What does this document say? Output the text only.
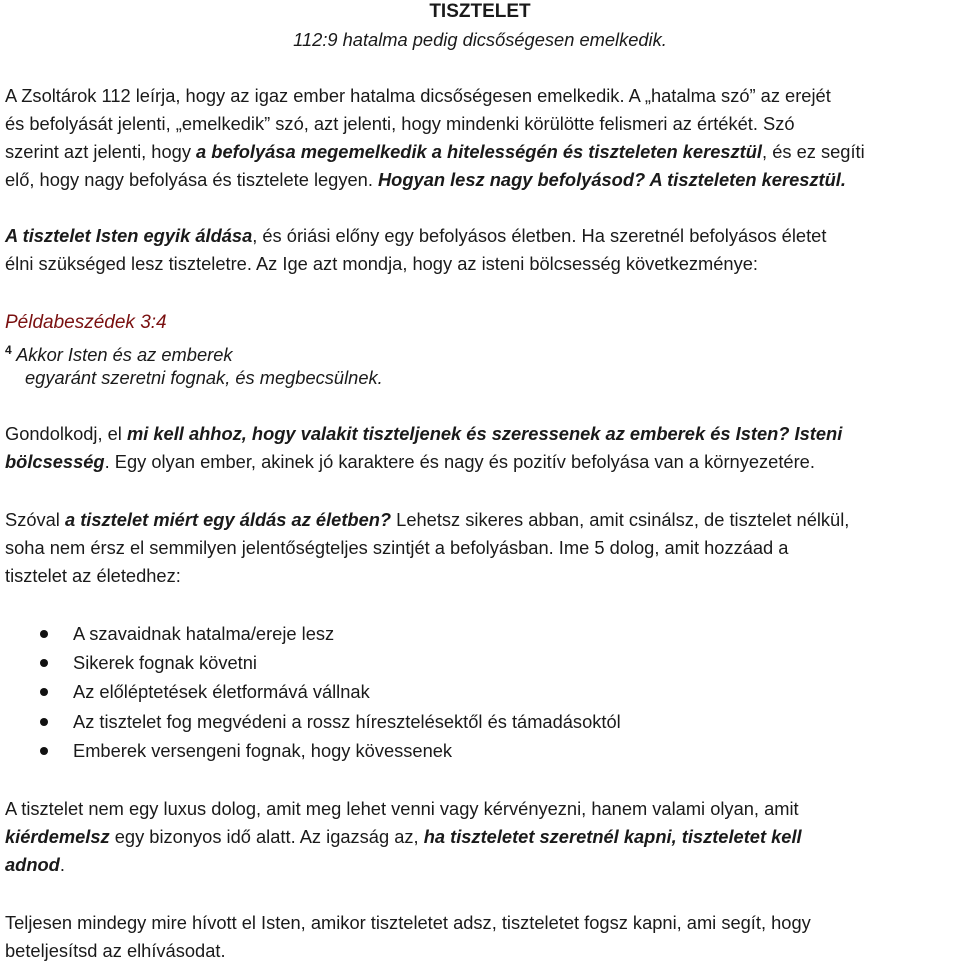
TISZTELET

112:9 hatalma pedig dicsőségesen emelkedik.

A Zsoltárok 112 leírja, hogy az igaz ember hatalma dicsőségesen emelkedik. A „hatalma szó” az erejét

és befolyását jelenti, „emelkedik” szó, azt jelenti, hogy mindenki körülötte felismeri az értékét. Szó

szerint azt jelenti, hogy a befolyása megemelkedik a hitelességén és tiszteleten keresztül, és ez segíti

elő, hogy nagy befolyása és tisztelete legyen. Hogyan lesz nagy befolyásod? A tiszteleten keresztül.

A tisztelet Isten egyik áldása, és óriási előny egy befolyásos életben. Ha szeretnél befolyásos életet

élni szükséged lesz tiszteletre. Az Ige azt mondja, hogy az isteni bölcsesség következménye:

Példabeszédek 3:4

$^4$ Akkor Isten és az emberek

egyaránt szeretni fognak, és megbecsülnek.

Gondolkodj, el mi kell ahhoz, hogy valakit tiszteljenek és szeressenek az emberek és Isten? Isteni

bölcsesség. Egy olyan ember, akinek jó karaktere és nagy és pozitív befolyása van a környezetére.

Szóval a tisztelet miért egy áldás az életben? Lehetsz sikeres abban, amit csinálsz, de tisztelet nélkül,

soha nem érsz el semmilyen jelentőségteljes szintjét a befolyásban. Ime 5 dolog, amit hozzáad a

tisztelet az életedhez:

A szavaidnak hatalma/ereje lesz
Sikerek fognak követni
Az előléptetések életformává vállnak
Az tisztelet fog megvédeni a rossz híresztelésektől és támadásoktól
Emberek versengeni fognak, hogy kövessenek

A tisztelet nem egy luxus dolog, amit meg lehet venni vagy kérvényezni, hanem valami olyan, amit

kiérdemelsz egy bizonyos idő alatt. Az igazság az, ha tiszteletet szeretnél kapni, tiszteletet kell

adnod.

Teljesen mindegy mire hívott el Isten, amikor tiszteletet adsz, tiszteletet fogsz kapni, ami segít, hogy

beteljesítsd az elhívásodat.
